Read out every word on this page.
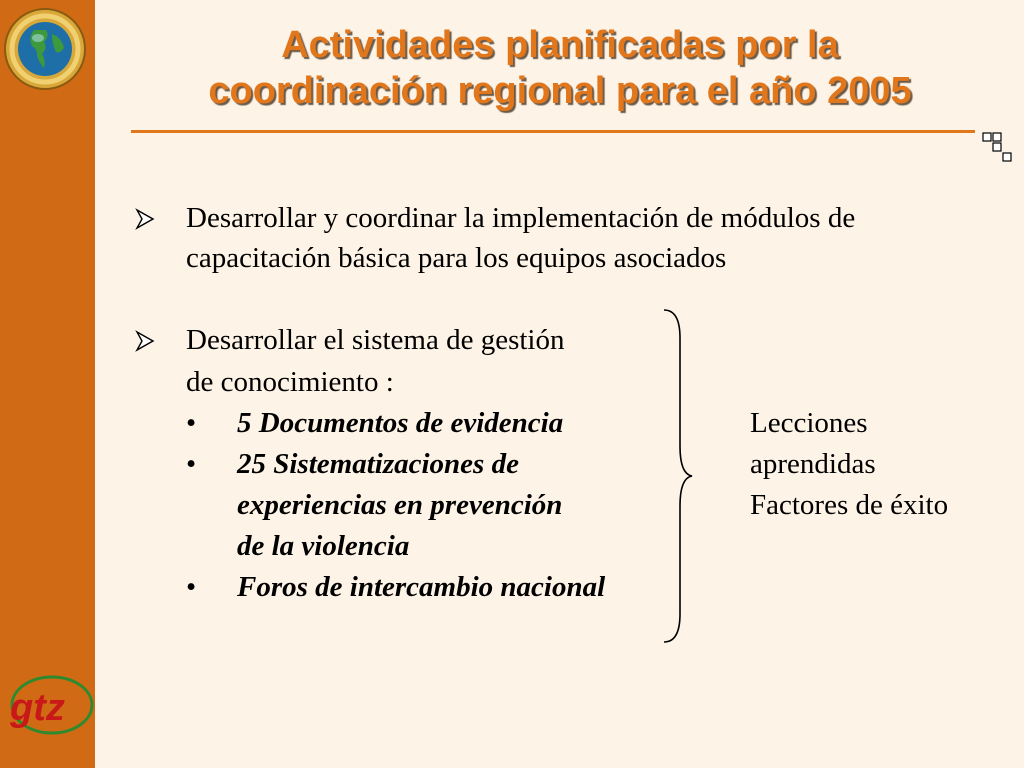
gtz
Actividades planificadas por la
coordinación regional para el año 2005
Desarrollar y coordinar la implementación de módulos de
capacitación básica para los equipos asociados
Desarrollar el sistema de gestión
de conocimiento :
• 5 Documentos de evidencia
• 25 Sistematizaciones de
experiencias en prevención
de la violencia
• Foros de intercambio nacional
Lecciones
aprendidas
Factores de éxito
